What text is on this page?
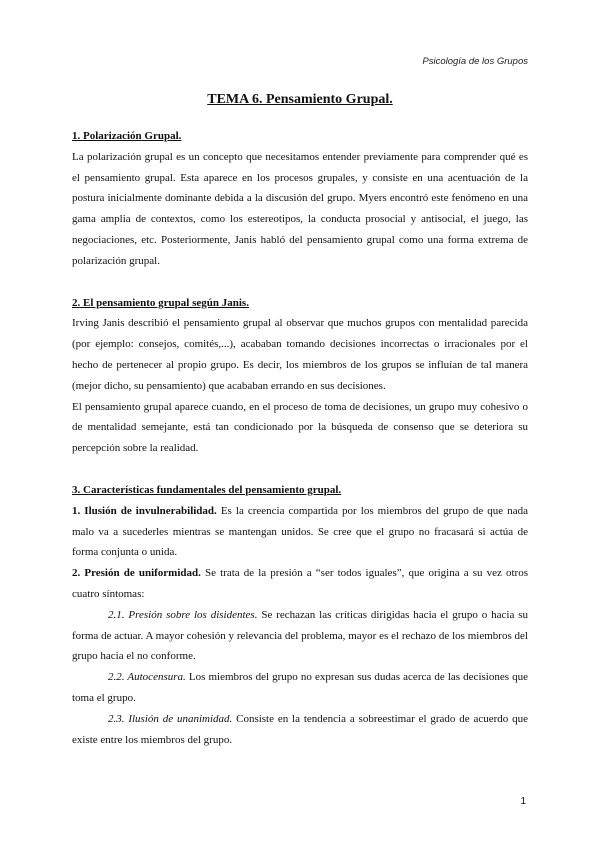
Psicología de los Grupos
TEMA 6. Pensamiento Grupal.

1. Polarización Grupal.

La polarización grupal es un concepto que necesitamos entender previamente para comprender qué es el pensamiento grupal. Esta aparece en los procesos grupales, y consiste en una acentuación de la postura inicialmente dominante debida a la discusión del grupo. Myers encontró este fenómeno en una gama amplia de contextos, como los estereotipos, la conducta prosocial y antisocial, el juego, las negociaciones, etc. Posteriormente, Janis habló del pensamiento grupal como una forma extrema de polarización grupal.

2. El pensamiento grupal según Janis.

Irving Janis describió el pensamiento grupal al observar que muchos grupos con mentalidad parecida (por ejemplo: consejos, comités,...), acababan tomando decisiones incorrectas o irracionales por el hecho de pertenecer al propio grupo. Es decir, los miembros de los grupos se influían de tal manera (mejor dicho, su pensamiento) que acababan errando en sus decisiones.

El pensamiento grupal aparece cuando, en el proceso de toma de decisiones, un grupo muy cohesivo o de mentalidad semejante, está tan condicionado por la búsqueda de consenso que se deteriora su percepción sobre la realidad.

3. Características fundamentales del pensamiento grupal.

1. Ilusión de invulnerabilidad. Es la creencia compartida por los miembros del grupo de que nada malo va a sucederles mientras se mantengan unidos. Se cree que el grupo no fracasará si actúa de forma conjunta o unida.

2. Presión de uniformidad. Se trata de la presión a “ser todos iguales”, que origina a su vez otros cuatro síntomas:

2.1. Presión sobre los disidentes. Se rechazan las críticas dirigidas hacia el grupo o hacia su forma de actuar. A mayor cohesión y relevancia del problema, mayor es el rechazo de los miembros del grupo hacia el no conforme.

2.2. Autocensura. Los miembros del grupo no expresan sus dudas acerca de las decisiones que toma el grupo.

2.3. Ilusión de unanimidad. Consiste en la tendencia a sobreestimar el grado de acuerdo que existe entre los miembros del grupo.

1
